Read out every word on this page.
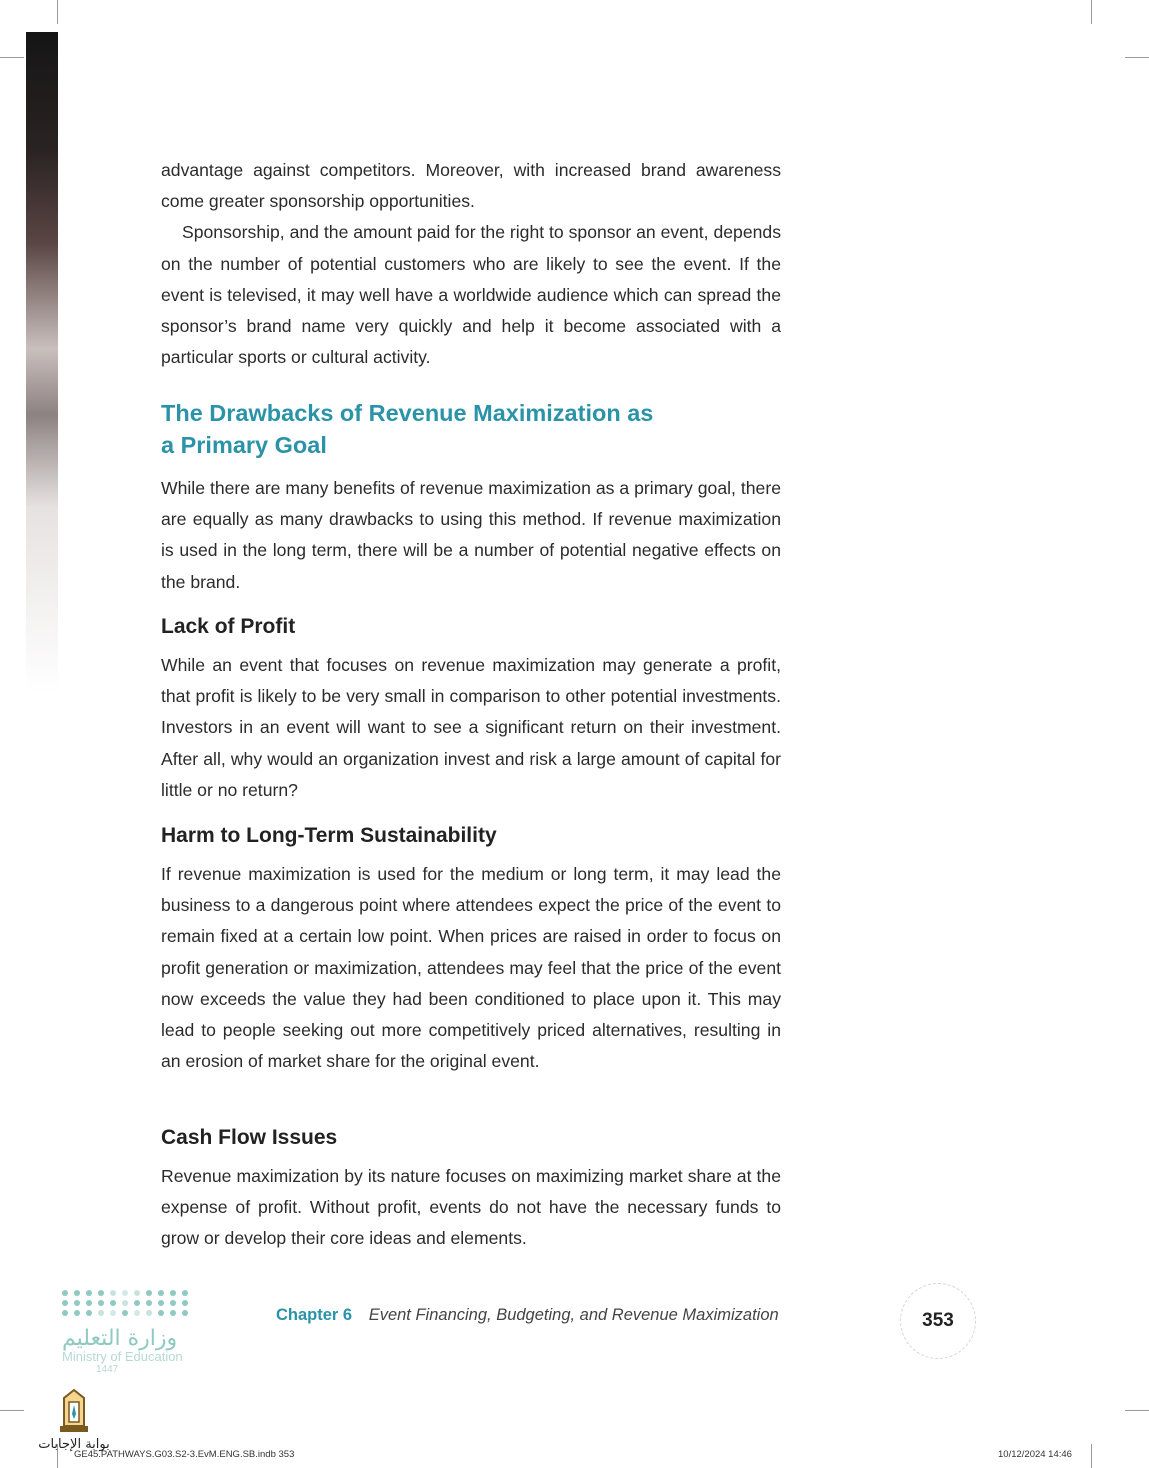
advantage against competitors. Moreover, with increased brand awareness come greater sponsorship opportunities.

Sponsorship, and the amount paid for the right to sponsor an event, depends on the number of potential customers who are likely to see the event. If the event is televised, it may well have a worldwide audience which can spread the sponsor’s brand name very quickly and help it become associated with a particular sports or cultural activity.

The Drawbacks of Revenue Maximization as
a Primary Goal

While there are many benefits of revenue maximization as a primary goal, there are equally as many drawbacks to using this method. If revenue maximization is used in the long term, there will be a number of potential negative effects on the brand.

Lack of Profit

While an event that focuses on revenue maximization may generate a profit, that profit is likely to be very small in comparison to other potential investments. Investors in an event will want to see a significant return on their investment. After all, why would an organization invest and risk a large amount of capital for little or no return?

Harm to Long-Term Sustainability

If revenue maximization is used for the medium or long term, it may lead the business to a dangerous point where attendees expect the price of the event to remain fixed at a certain low point. When prices are raised in order to focus on profit generation or maximization, attendees may feel that the price of the event now exceeds the value they had been conditioned to place upon it. This may lead to people seeking out more competitively priced alternatives, resulting in an erosion of market share for the original event.

Cash Flow Issues

Revenue maximization by its nature focuses on maximizing market share at the expense of profit. Without profit, events do not have the necessary funds to grow or develop their core ideas and elements.

Chapter 6 Event Financing, Budgeting, and Revenue Maximization	353
وزارة التعليم
Ministry of Education
1447
بوابة الإجابات
GE45.PATHWAYS.G03.S2-3.EvM.ENG.SB.indb 353	10/12/2024 14:46
